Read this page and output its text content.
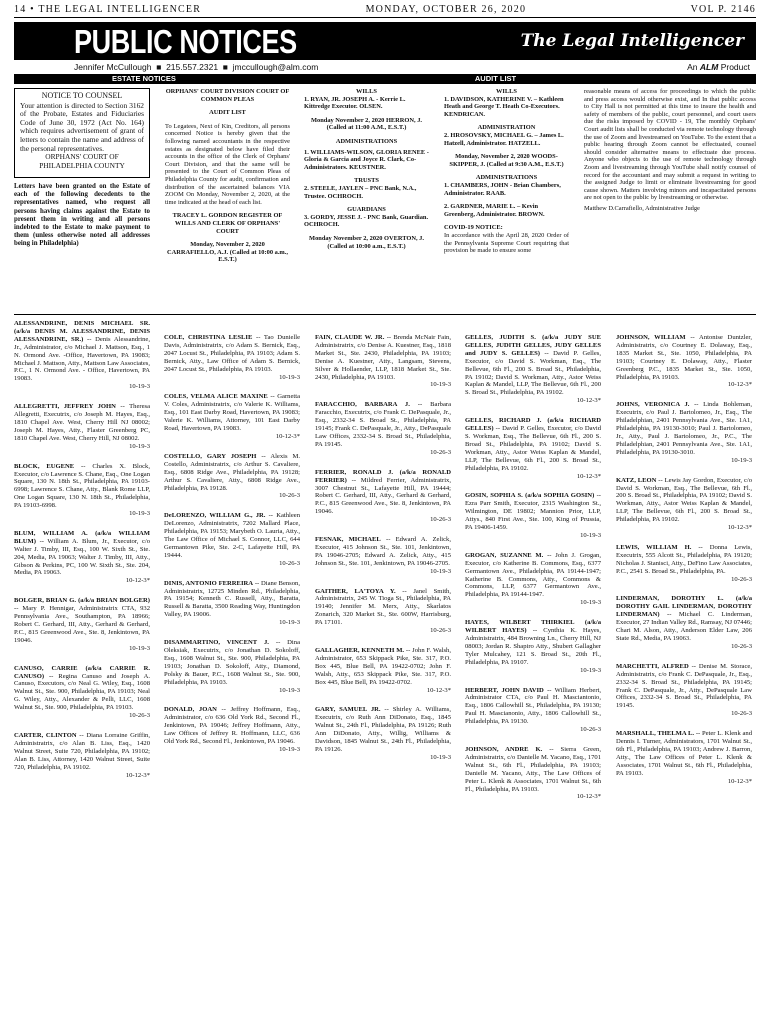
14 • THE LEGAL INTELLIGENCER	MONDAY, OCTOBER 26, 2020	VOL P. 2146
PUBLIC NOTICES	The Legal Intelligencer
Jennifer McCullough  ■  215.557.2321  ■  jmccullough@alm.com	An ALM Product
ESTATE NOTICES	AUDIT LIST
NOTICE TO COUNSEL
Your attention is directed to Section 3162 of the Probate, Estates and Fiduciaries Code of June 30, 1972 (Act No. 164) which requires advertisement of grant of letters to contain the name and address of the personal representatives.
ORPHANS' COURT OF PHILADELPHIA COUNTY
Letters have been granted on the Estate of each of the following decedents to the representatives named, who request all persons having claims against the Estate to present them in writing and all persons indebted to the Estate to make payment to them (unless otherwise noted all addresses being in Philadelphia)
ORPHANS' COURT DIVISION COURT OF COMMON PLEAS
AUDIT LIST
To Legatees, Next of Kin, Creditors, all persons concerned Notice is hereby given that the following named accountants in the respective estates as designated below have filed their accounts in the office of the Clerk of Orphans' Court Division, and that the same will be presented to the Court of Common Pleas of Philadelphia County for audit, confirmation and distribution of the ascertained balances VIA ZOOM On Monday, November 2, 2020, at the time indicated at the head of each list.
TRACEY L. GORDON REGISTER OF WILLS AND CLERK OF ORPHANS' COURT
Monday, November 2, 2020 CARRAFIELLO, A.J. (Called at 10:00 a.m., E.S.T.)
WILLS
1. RYAN, JR. JOSEPH A. - Kerrie L. Kittredge Executor. OLSEN.
Monday November 2, 2020 HERRON, J. (Called at 11:00 A.M., E.S.T.)
ADMINISTRATIONS
1. WILLIAMS-WILSON, GLORIA RENEE - Gloria & Garcia and Joyce R. Clark, Co-Administrators. KEUSTNER.
TRUSTS
2. STEELE, JAYLEN – PNC Bank, N.A., Trustee. OCHROCH.
GUARDIANS
3. GORDY, JESSE J. - PNC Bank, Guardian. OCHROCH.
Monday November 2, 2020 OVERTON, J. (Called at 10:00 a.m., E.S.T.)
WILLS
1. DAVIDSON, KATHERINE V. – Kathleen Heath and George T. Heath Co-Executors. KENDRICAN.
ADMINISTRATION
2. HROSOVSKY, MICHAEL G. – James L. Hatzell, Administrator. HATZELL.
Monday, November 2, 2020 WOODS-SKIPPER, J. (Called at 9:30 A.M., E.S.T.)
ADMINISTRATIONS
1. CHAMBERS, JOHN - Brian Chambers, Administrator. RAAB.
2. GARDNER, MARIE L. – Kevin Greenberg, Administrator. BROWN.
COVID-19 NOTICE:
In accordance with the April 28, 2020 Order of the Pennsylvania Supreme Court requiring that provision be made to ensure some
reasonable means of access for proceedings to which the public and press access would otherwise exist, and In that public access to City Hall is not permitted at this time to insure the health and safety of members of the public, court personnel, and court users due the risks imposed by COVID - 19, The monthly Orphans' Court audit lists shall be conducted via remote technology through the use of Zoom and livestreamed on YouTube. To the extent that a public hearing through Zoom cannot be effectuated, counsel should consider alternative means to effectuate due process. Anyone who objects to the use of remote technology through Zoom and livestreaming through YouTube shall notify counsel of record for the accountant and may submit a request in writing to the assigned Judge to limit or eliminate livestreaming for good cause shown. Matters involving minors and incapacitated persons are not open to the public by livestreaming or otherwise.
Matthew D.Carrafiello, Administrative Judge
ALESSANDRINE, DENIS MICHAEL SR. (a/k/a DENIS M. ALESSANDRINE, DENIS ALESSANDRINE, SR.) -- Denis Alessandrine, Jr., Administrator, c/o Michael J. Mattson, Esq., 1 N. Ormond Ave. -Office, Havertown, PA 19083; Michael J. Mattson, Atty., Mattson Law Associates, P.C., 1 N. Ormond Ave. - Office, Havertown, PA 19083.
10-19-3
ALLEGRETTI, JEFFREY JOHN -- Theresa Allegretti, Executrix, c/o Joseph M. Hayes, Esq., 1810 Chapel Ave. West, Cherry Hill NJ 08002; Joseph M. Hayes, Atty., Flaster Greenberg PC, 1810 Chapel Ave. West, Cherry Hill, NJ 08002.
10-19-3
BLOCK, EUGENE -- Charles X. Block, Executor, c/o Lawrence S. Chane, Esq., One Logan Square, 130 N. 18th St., Philadelphia, PA 19103-6998; Lawrence S. Chane, Atty., Blank Rome LLP, One Logan Square, 130 N. 18th St., Philadelphia, PA 19103-6998.
10-19-3
BLUM, WILLIAM A. (a/k/a WILLIAM BLUM) -- William A. Blum, Jr., Executor, c/o Walter J. Timby, III, Esq., 100 W. Sixth St., Ste. 204, Media, PA 19063; Walter J. Timby, III, Atty., Gibson & Perkins, PC, 100 W. Sixth St., Ste. 204, Media, PA 19063.
10-12-3*
BOLGER, BRIAN G. (a/k/a BRIAN BOLGER) -- Mary P. Hennigar, Administratrix CTA, 932 Pennsylvania Ave., Southampton, PA 18966; Robert C. Gerhard, III, Atty., Gerhard & Gerhard, P.C., 815 Greenwood Ave., Ste. 8, Jenkintown, PA 19046.
10-19-3
CANUSO, CARRIE (a/k/a CARRIE R. CANUSO) -- Regina Canuso and Joseph A. Canuso, Executors, c/o Neal G. Wiley, Esq., 1608 Walnut St., Ste. 900, Philadelphia, PA 19103; Neal G. Wiley, Atty., Alexander & Pelli, LLC, 1608 Walnut St., Ste. 900, Philadelphia, PA 19103.
10-26-3
CARTER, CLINTON -- Diana Lorraine Griffin, Administratrix, c/o Alan B. Liss, Esq., 1420 Walnut Street, Suite 720, Philadelphia, PA 19102; Alan B. Liss, Attorney, 1420 Walnut Street, Suite 720, Philadelphia, PA 19102.
10-12-3*
COLE, CHRISTINA LESLIE -- Tao Dunielle Davis, Administratrix, c/o Adam S. Bernick, Esq., 2047 Locust St., Philadelphia, PA 19103; Adam S. Bernick, Atty., Law Office of Adam S. Bernick, 2047 Locust St., Philadelphia, PA 19103.
10-19-3
COLES, VELMA ALICE MAXINE -- Garnetta V. Coles, Administratrix, c/o Valerie K. Williams, Esq., 101 East Darby Road, Havertown, PA 19083; Valerie K. Williams, Attorney, 101 East Darby Road, Havertown, PA 19083.
10-12-3*
COSTELLO, GARY JOSEPH -- Alexis M. Costello, Administratrix, c/o Arthur S. Cavaliere, Esq., 6808 Ridge Ave., Philadelphia, PA 19128; Arthur S. Cavaliere, Atty., 6808 Ridge Ave., Philadelphia, PA 19128.
10-26-3
DeLORENZO, WILLIAM G., JR. -- Kathleen DeLorenzo, Administratrix, 7202 Mallard Place, Philadelphia, PA 19153; Marybeth O. Lauria, Atty., The Law Office of Michael S. Connor, LLC, 644 Germantown Pike, Ste. 2-C, Lafayette Hill, PA 19444.
10-26-3
DINIS, ANTONIO FERREIRA -- Diane Benson, Administratrix, 12725 Minden Rd., Philadelphia, PA 19154; Kenneth C. Russell, Atty., Baratta, Russell & Baratta, 3500 Reading Way, Huntingdon Valley, PA 19006.
10-19-3
DISAMMARTINO, VINCENT J. -- Dina Oleksiak, Executrix, c/o Jonathan D. Sokoloff, Esq., 1608 Walnut St., Ste. 900, Philadelphia, PA 19103; Jonathan D. Sokoloff, Atty., Diamond, Polsky & Bauer, P.C., 1608 Walnut St., Ste. 900, Philadelphia, PA 19103.
10-19-3
DONALD, JOAN -- Jeffrey Hoffmann, Esq., Administrator, c/o 636 Old York Rd., Second Fl., Jenkintown, PA 19046; Jeffrey Hoffmann, Atty., Law Offices of Jeffrey R. Hoffmann, LLC, 636 Old York Rd., Second Fl., Jenkintown, PA 19046.
10-19-3
FAIN, CLAUDE W. JR. -- Brenda McNair Fain, Administratrix, c/o Denise A. Kuestner, Esq., 1818 Market St., Ste. 2430, Philadelphia, PA 19103; Denise A. Kuestner, Atty., Langsam, Stevens, Silver & Hollaender, LLP, 1818 Market St., Ste. 2430, Philadelphia, PA 19103.
10-19-3
FARACCHIO, BARBARA J. -- Barbara Faracchio, Executrix, c/o Frank C. DePasquale, Jr., Esq., 2332-34 S. Broad St., Philadelphia, PA 19145; Frank C. DePasquale, Jr., Atty., DePasquale Law Offices, 2332-34 S. Broad St., Philadelphia, PA 19145.
10-26-3
FERRIER, RONALD J. (a/k/a RONALD FERRIER) -- Mildred Ferrier, Administratrix, 3007 Chestnut St., Lafayette Hill, PA 19444; Robert C. Gerhard, III, Atty., Gerhard & Gerhard, P.C., 815 Greenwood Ave., Ste. 8, Jenkintown, PA 19046.
10-26-3
FESNAK, MICHAEL -- Edward A. Zelick, Executor, 415 Johnson St., Ste. 101, Jenkintown, PA 19046-2705; Edward A. Zelick, Atty., 415 Johnson St., Ste. 101, Jenkintown, PA 19046-2705.
10-19-3
GAITHER, LA'TOYA Y. -- Janel Smith, Administratrix, 245 W. Tioga St., Philadelphia, PA 19140; Jennifer M. Merx, Atty., Skarlatos Zonarich, 320 Market St., Ste. 600W, Harrisburg, PA 17101.
10-26-3
GALLAGHER, KENNETH M. -- John F. Walsh, Administrator, 653 Skippack Pike, Ste. 317, P.O. Box 445, Blue Bell, PA 19422-0702; John F. Walsh, Atty., 653 Skippack Pike, Ste. 317, P.O. Box 445, Blue Bell, PA 19422-0702.
10-12-3*
GARY, SAMUEL JR. -- Shirley A. Williams, Executrix, c/o Ruth Ann DiDonato, Esq., 1845 Walnut St., 24th Fl., Philadelphia, PA 19126; Ruth Ann DiDonato, Atty., Willig, Williams & Davidson, 1845 Walnut St., 24th Fl., Philadelphia, PA 19126.
10-19-3
GELLES, JUDITH S. (a/k/a JUDY SUE GELLES, JUDITH GELLES, JUDY GELLES and JUDY S. GELLES) -- David P. Gelles, Executor, c/o David S. Workman, Esq., The Bellevue, 6th Fl., 200 S. Broad St., Philadelphia, PA 19102; David S. Workman, Atty., Astor Weiss Kaplan & Mandel, LLP, The Bellevue, 6th Fl., 200 S. Broad St., Philadelphia, PA 19102.
10-12-3*
GELLES, RICHARD J. (a/k/a RICHARD GELLES) -- David P. Gelles, Executor, c/o David S. Workman, Esq., The Bellevue, 6th Fl., 200 S. Broad St., Philadelphia, PA 19102; David S. Workman, Atty., Astor Weiss Kaplan & Mandel, LLP, The Bellevue, 6th Fl., 200 S. Broad St., Philadelphia, PA 19102.
10-12-3*
GOSIN, SOPHIA S. (a/k/a SOPHIA GOSIN) -- Ezra Parr Smith, Executor, 2315 Washington St., Wilmington, DE 19802; Mannion Prior, LLP, Attys., 840 First Ave., Ste. 100, King of Prussia, PA 19406-1459.
10-19-3
GROGAN, SUZANNE M. -- John J. Grogan, Executor, c/o Katherine B. Commons, Esq., 6377 Germantown Ave., Philadelphia, PA 19144-1947; Katherine B. Commons, Atty., Commons & Commons, LLP, 6377 Germantown Ave., Philadelphia, PA 19144-1947.
10-19-3
HAYES, WILBERT THIRKIEL (a/k/a WILBERT HAYES) -- Cynthia K. Hayes, Administratrix, 484 Browning Ln., Cherry Hill, NJ 08003; Jordan R. Shapiro Atty., Shubert Gallagher Tyler Mulcahey, 121 S. Broad St., 20th Fl., Philadelphia, PA 19107.
10-19-3
HERBERT, JOHN DAVID -- William Herbert, Administrator CTA, c/o Paul H. Masciantonio, Esq., 1806 Callowhill St., Philadelphia, PA 19130; Paul H. Mascianonio, Atty., 1806 Callowhill St., Philadelphia, PA 19130.
10-26-3
JOHNSON, ANDRE K. -- Sierra Green, Administratrix, c/o Danielle M. Yacano, Esq., 1701 Walnut St., 6th Fl., Philadelphia, PA 19103; Danielle M. Yacano, Atty., The Law Offices of Peter L. Klenk & Associates, 1701 Walnut St., 6th Fl., Philadelphia, PA 19103.
10-12-3*
JOHNSON, WILLIAM -- Antonise Duntzler, Administratrix, c/o Courtney E. Dolaway, Esq., 1835 Market St., Ste. 1050, Philadelphia, PA 19103; Courtney E. Dolaway, Atty., Flaster Greenberg P.C., 1835 Market St., Ste. 1050, Philadelphia, PA 19103.
10-12-3*
JOHNS, VERONICA J. -- Linda Bohleman, Executrix, c/o Paul J. Bartolomeo, Jr., Esq., The Philadelphian, 2401 Pennsylvania Ave., Ste. 1A1, Philadelphia, PA 19130-3010; Paul J. Bartolomeo, Jr., Atty., Paul J. Bartolomeo, Jr., P.C., The Philadelphian, 2401 Pennsylvania Ave., Ste. 1A1, Philadelphia, PA 19130-3010.
10-19-3
KATZ, LEON -- Lewis Jay Gordon, Executor, c/o David S. Workman, Esq., The Bellevue, 6th Fl., 200 S. Broad St., Philadelphia, PA 19102; David S. Workman, Atty., Astor Weiss Kaplan & Mandel, LLP, The Bellevue, 6th Fl., 200 S. Broad St., Philadelphia, PA 19102.
10-12-3*
LEWIS, WILLIAM H. -- Donna Lewis, Executrix, 555 Alcott St., Philadelphia, PA 19120; Nicholas J. Stanisci, Atty., DeFino Law Associates, P.C., 2541 S. Broad St., Philadelphia, PA.
10-26-3
LINDERMAN, DOROTHY L. (a/k/a DOROTHY GAIL LINDERMAN, DOROTHY LINDERMAN) -- Michael C. Linderman, Executor, 27 Indian Valley Rd., Ramsay, NJ 07446; Chari M. Alson, Atty., Anderson Elder Law, 206 State Rd., Media, PA 19063.
10-26-3
MARCHETTI, ALFRED -- Denise M. Storace, Administratrix, c/o Frank C. DePasquale, Jr., Esq., 2332-34 S. Broad St., Philadelphia, PA 19145; Frank C. DePasquale, Jr., Atty., DePasquale Law Offices, 2332-34 S. Broad St., Philadelphia, PA 19145.
10-26-3
MARSHALL, THELMA L. -- Peter L. Klenk and Dennis I. Turner, Administrators, 1701 Walnut St., 6th Fl., Philadelphia, PA 19103; Andrew J. Barron, Atty., The Law Offices of Peter L. Klenk & Associates, 1701 Walnut St., 6th Fl., Philadelphia, PA 19103.
10-12-3*
